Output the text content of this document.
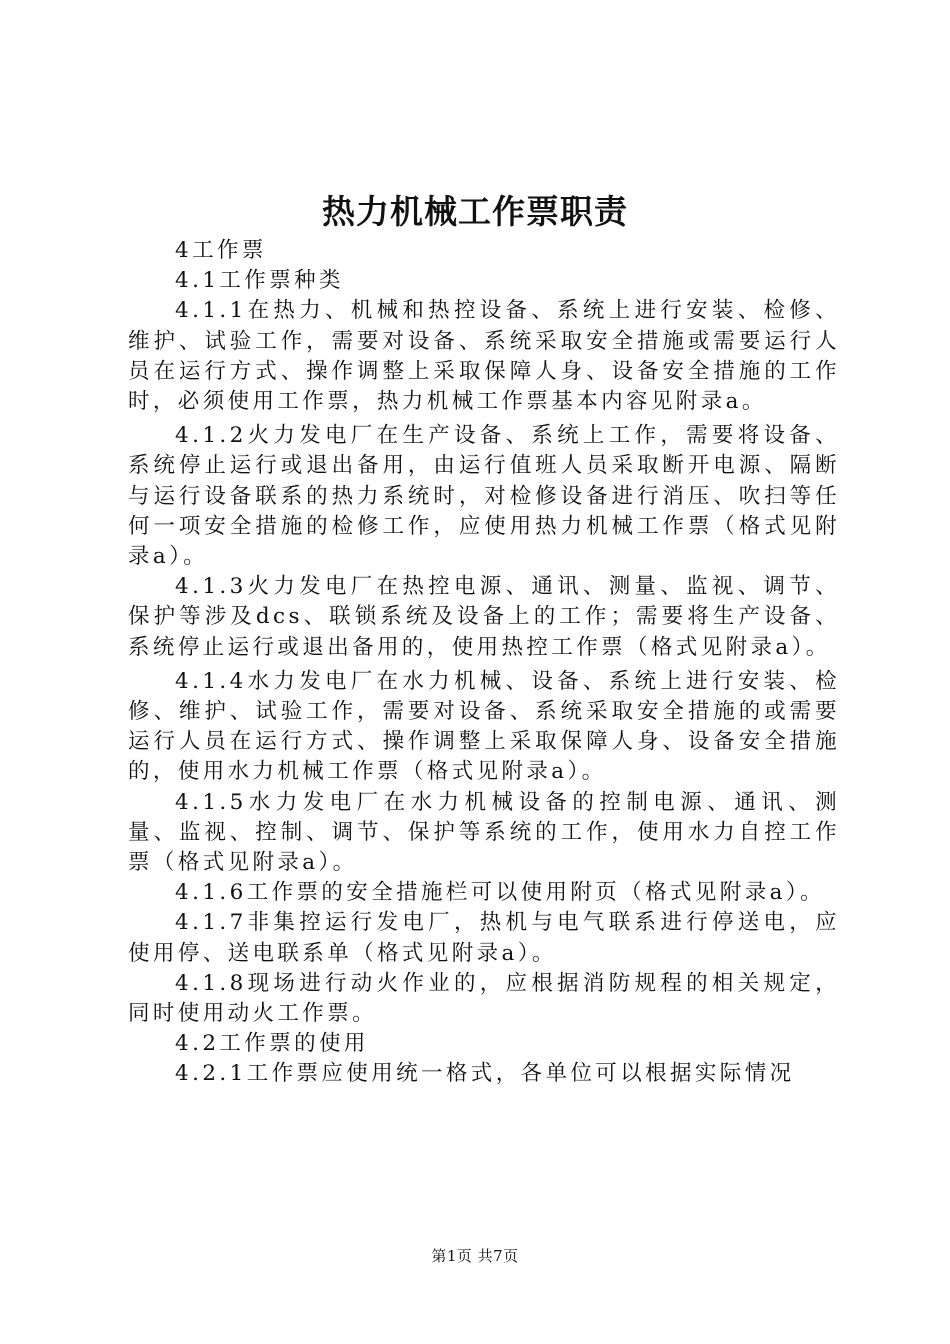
热力机械工作票职责

4工作票

4.1工作票种类

4.1.1在热力、机械和热控设备、系统上进行安装、检修、维护、试验工作，需要对设备、系统采取安全措施或需要运行人员在运行方式、操作调整上采取保障人身、设备安全措施的工作时，必须使用工作票，热力机械工作票基本内容见附录a。

4.1.2火力发电厂在生产设备、系统上工作，需要将设备、系统停止运行或退出备用，由运行值班人员采取断开电源、隔断与运行设备联系的热力系统时，对检修设备进行消压、吹扫等任何一项安全措施的检修工作，应使用热力机械工作票（格式见附录a）。

4.1.3火力发电厂在热控电源、通讯、测量、监视、调节、保护等涉及dcs、联锁系统及设备上的工作；需要将生产设备、系统停止运行或退出备用的，使用热控工作票（格式见附录a）。

4.1.4水力发电厂在水力机械、设备、系统上进行安装、检修、维护、试验工作，需要对设备、系统采取安全措施的或需要运行人员在运行方式、操作调整上采取保障人身、设备安全措施的，使用水力机械工作票（格式见附录a）。

4.1.5水力发电厂在水力机械设备的控制电源、通讯、测量、监视、控制、调节、保护等系统的工作，使用水力自控工作票（格式见附录a）。

4.1.6工作票的安全措施栏可以使用附页（格式见附录a）。

4.1.7非集控运行发电厂，热机与电气联系进行停送电，应使用停、送电联系单（格式见附录a）。

4.1.8现场进行动火作业的，应根据消防规程的相关规定，同时使用动火工作票。

4.2工作票的使用

4.2.1工作票应使用统一格式，各单位可以根据实际情况

第1页 共7页
